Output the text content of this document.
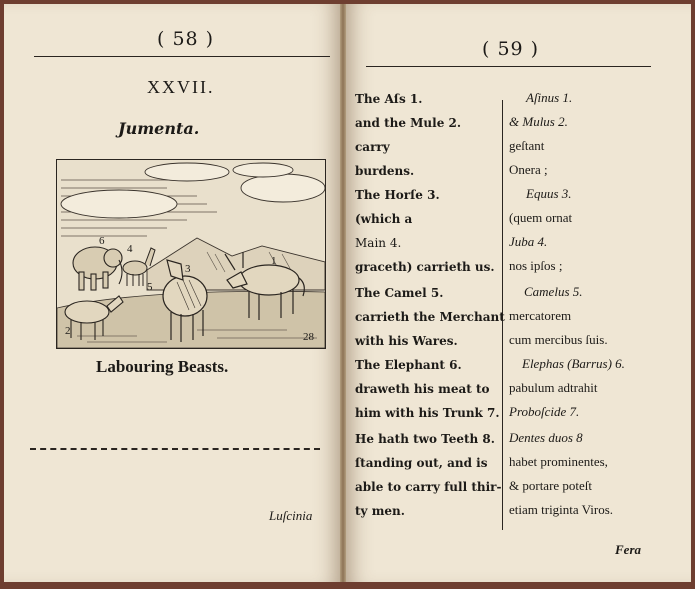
( 58 )
XXVII.
Jumenta.
6
4
5
3
1
2	28
Labouring Beasts.
Luſcinia
( 59 )
The Aſs 1.
and the Mule 2.
carry
burdens.
The Horſe 3.
(which a
Main 4.
graceth) carrieth us.
The Camel 5.
carrieth the Merchant
with his Wares.
The Elephant 6.
draweth his meat to
him with his Trunk 7.
He hath two Teeth 8.
ſtanding out, and is
able to carry full thir-
ty men.
Aſinus 1.
& Mulus 2.
geſtant
Onera ;
Equus 3.
(quem ornat
Juba 4.
nos ipſos ;
Camelus 5.
mercatorem
cum mercibus ſuis.
Elephas (Barrus) 6.
pabulum adtrahit
Proboſcide 7.
Dentes duos 8
habet prominentes,
& portare poteſt
etiam triginta Viros.
Fera
